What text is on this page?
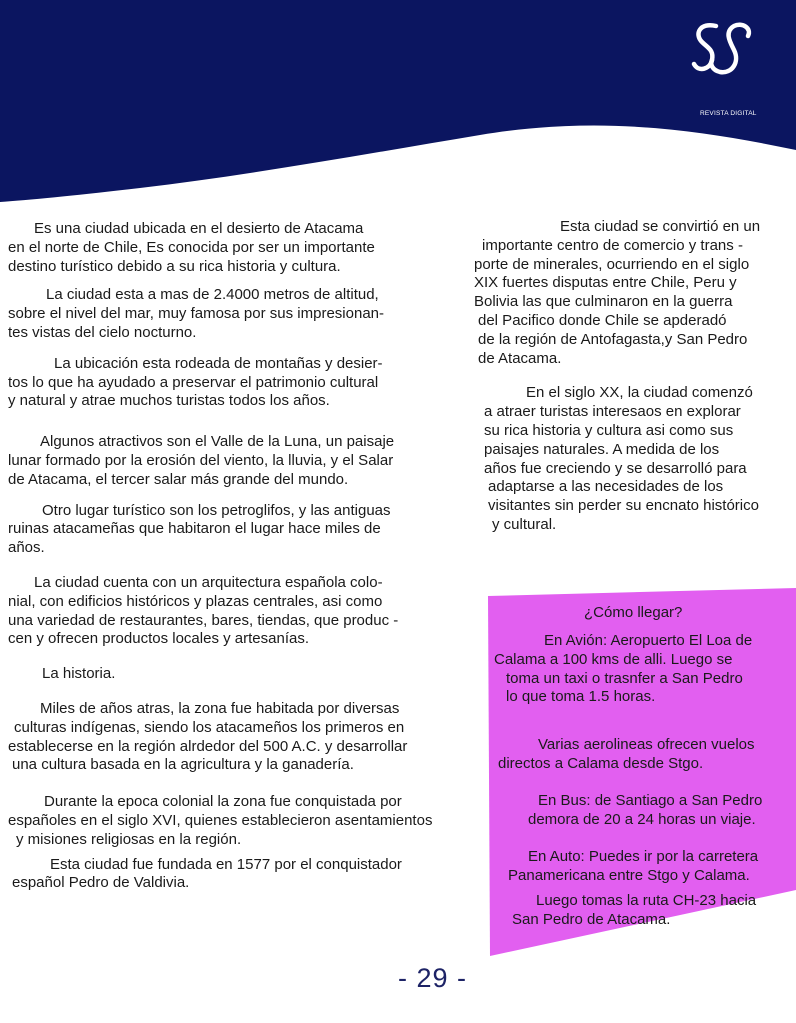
REVISTA DIGITAL
Es una ciudad ubicada en el desierto de Atacama
en el norte de Chile, Es conocida por ser un importante
destino turístico debido a su rica historia y cultura.
La ciudad esta a mas de 2.4000 metros de altitud,
sobre el nivel del mar, muy famosa por sus impresionan-
tes vistas del cielo nocturno.
La ubicación esta rodeada de montañas y desier-
tos lo que ha ayudado a preservar el patrimonio cultural
y natural y atrae muchos turistas todos los años.
Algunos atractivos son el Valle de la Luna, un paisaje
lunar formado por la erosión del viento, la lluvia, y el Salar
de Atacama, el tercer salar más grande del mundo.
Otro lugar turístico son los petroglifos, y las antiguas
ruinas atacameñas que habitaron el lugar hace miles de
años.
La ciudad cuenta con un arquitectura española colo-
nial, con edificios históricos y plazas centrales, asi como
una variedad de restaurantes, bares, tiendas, que produc -
cen y ofrecen productos locales y artesanías.
La historia.
Miles de años atras, la zona fue habitada por diversas
culturas indígenas, siendo los atacameños los primeros en
establecerse en la región alrdedor del 500 A.C. y desarrollar
una cultura basada en la agricultura y la ganadería.
Durante la epoca colonial la zona fue conquistada por
españoles en el siglo XVI, quienes establecieron asentamientos
y misiones religiosas en la región.
Esta ciudad fue fundada en 1577 por el conquistador
español Pedro de Valdivia.
Esta ciudad se convirtió en un
importante centro de comercio y trans -
porte de minerales, ocurriendo en el siglo
XIX fuertes disputas entre Chile, Peru y
Bolivia las que culminaron en la guerra
del Pacifico donde Chile se apderadó
de la región de Antofagasta,y San Pedro
de Atacama.
En el siglo XX, la ciudad comenzó
a atraer turistas interesaos en explorar
su rica historia y cultura asi como sus
paisajes naturales. A medida de los
años fue creciendo y se desarrolló para
adaptarse a las necesidades de los
visitantes sin perder su encnato histórico
y cultural.
¿Cómo llegar?
En Avión: Aeropuerto El Loa de
Calama a 100 kms de alli. Luego se
toma un taxi o trasnfer a San Pedro
lo que toma 1.5 horas.
Varias aerolineas ofrecen vuelos
directos a Calama desde Stgo.
En Bus: de Santiago a San Pedro
demora de 20 a 24 horas un viaje.
En Auto: Puedes ir por la carretera
Panamericana entre Stgo y Calama.
Luego tomas la ruta CH-23 hacia
San Pedro de Atacama.
- 29 -
